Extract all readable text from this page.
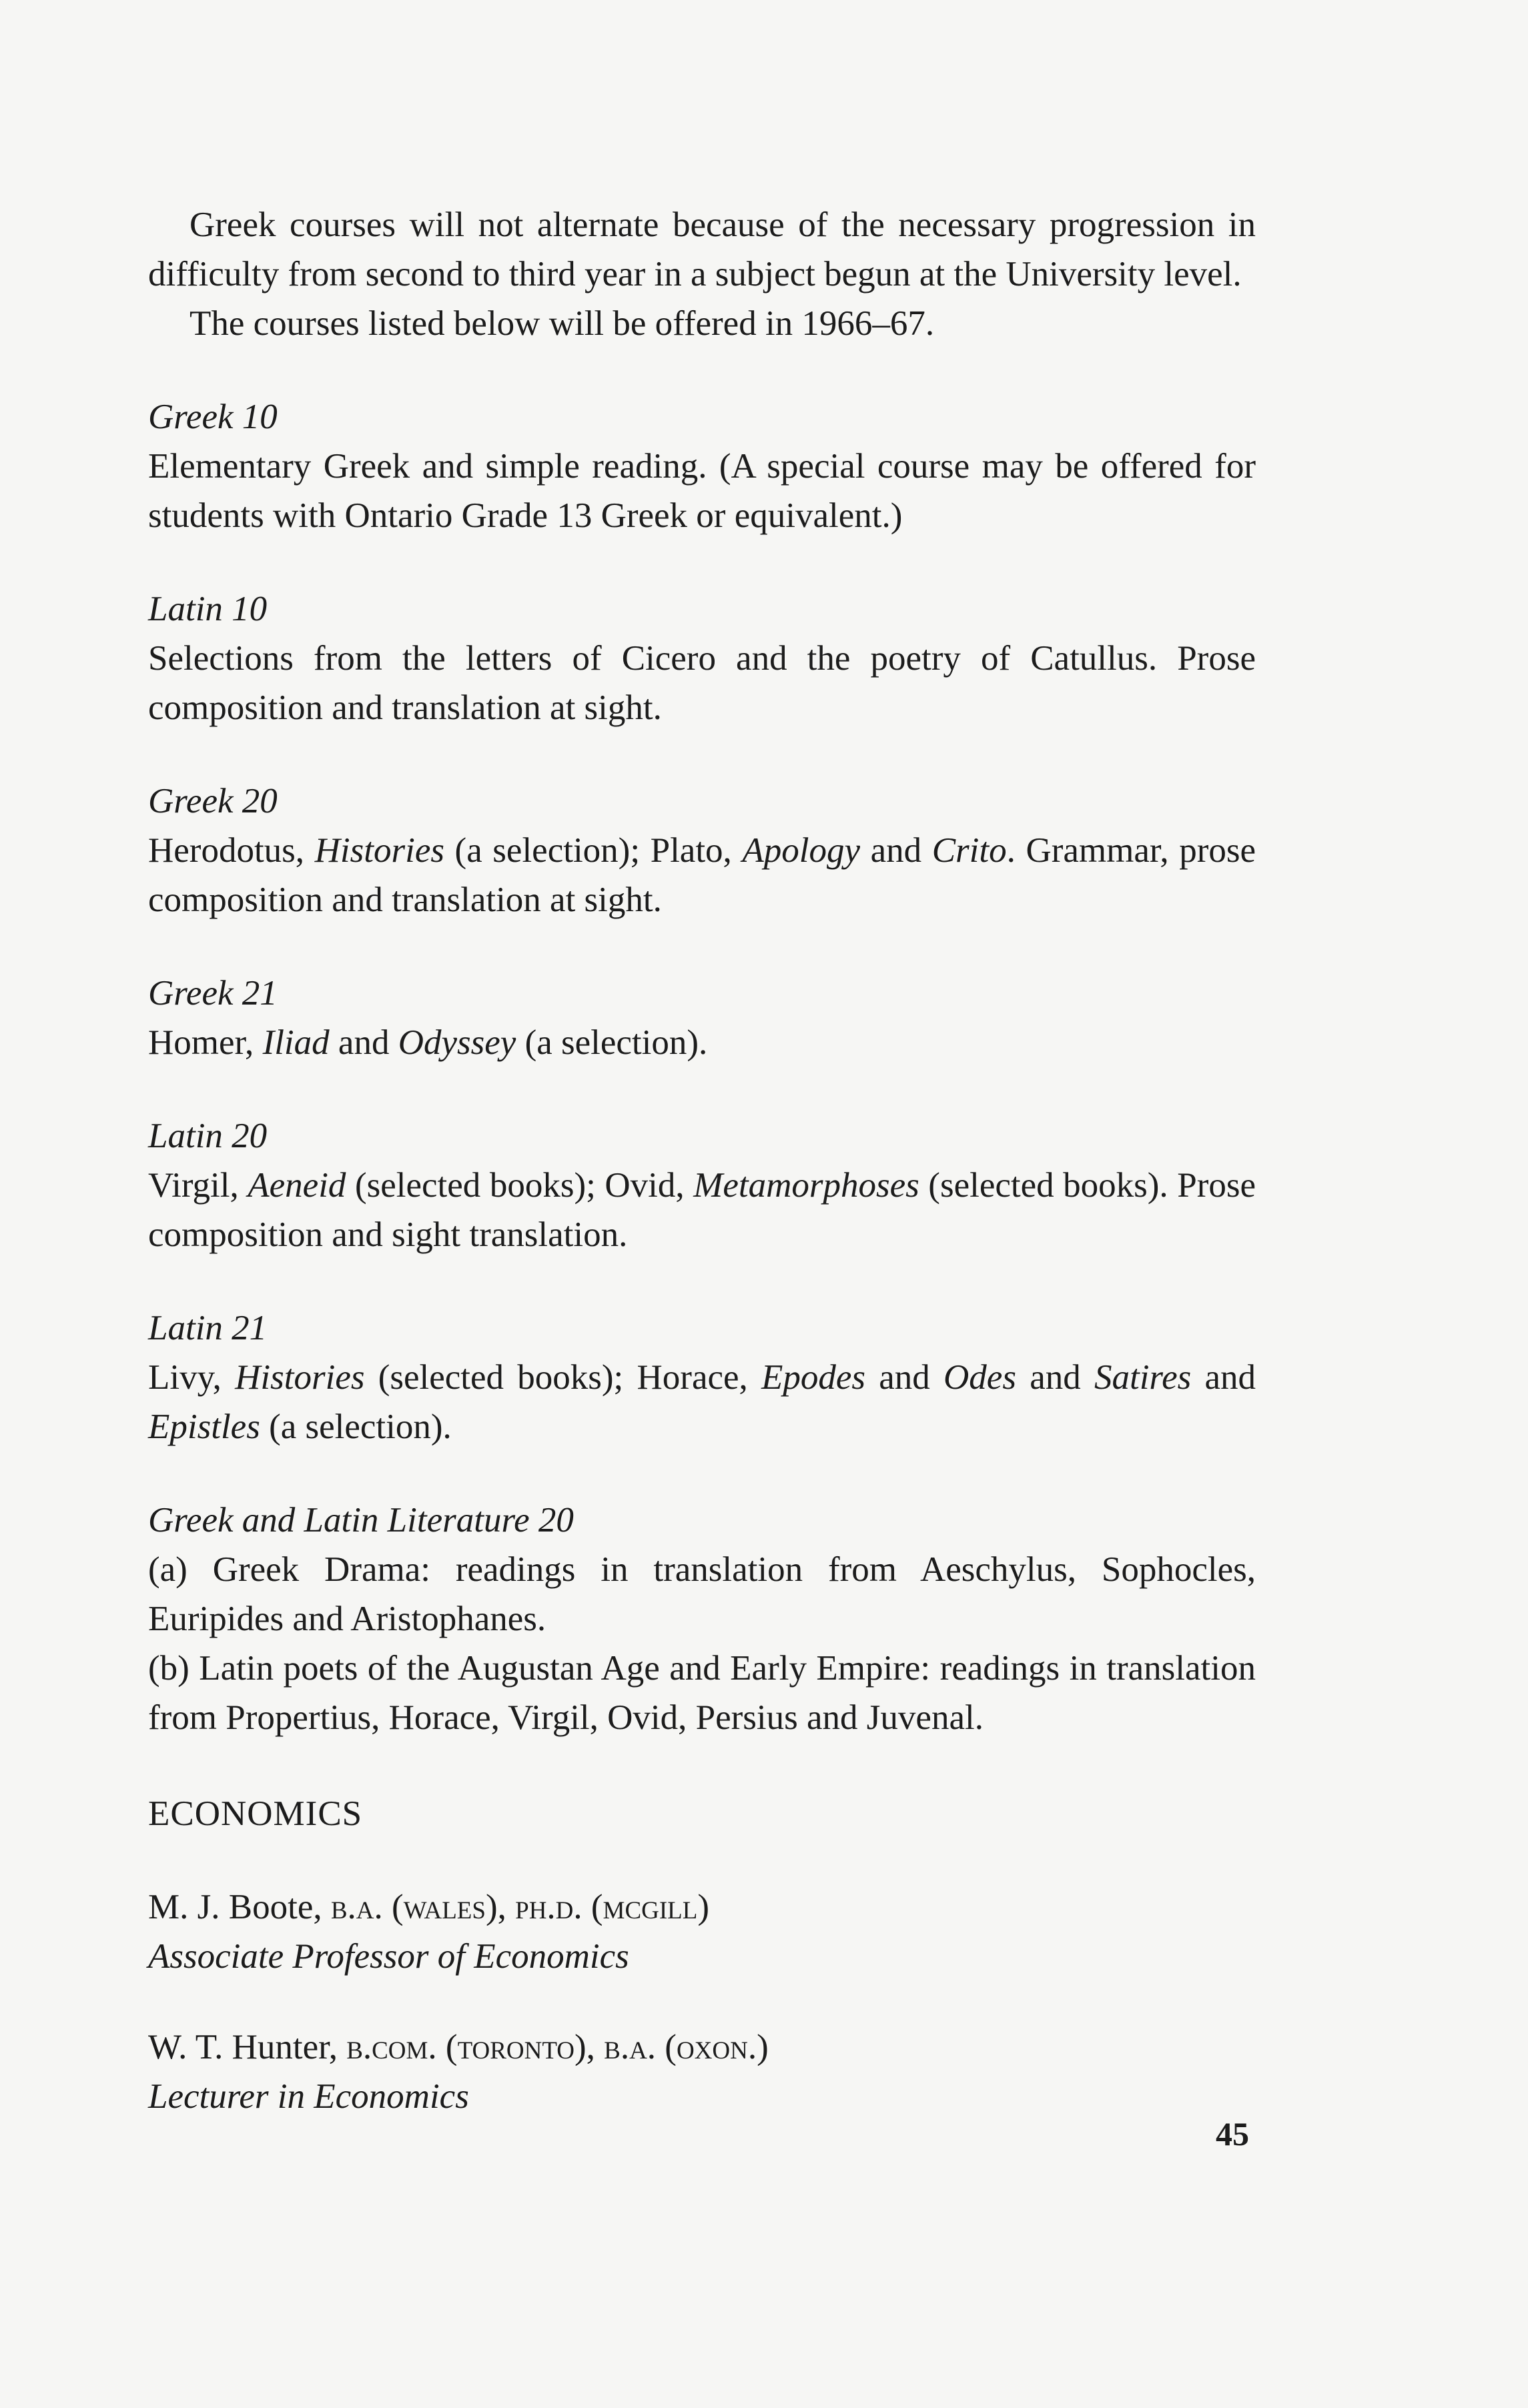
Greek courses will not alternate because of the necessary progression in difficulty from second to third year in a subject begun at the University level.

The courses listed below will be offered in 1966–67.

Greek 10

Elementary Greek and simple reading. (A special course may be offered for students with Ontario Grade 13 Greek or equivalent.)

Latin 10

Selections from the letters of Cicero and the poetry of Catullus. Prose composition and translation at sight.

Greek 20

Herodotus, Histories (a selection); Plato, Apology and Crito. Grammar, prose composition and translation at sight.

Greek 21

Homer, Iliad and Odyssey (a selection).

Latin 20

Virgil, Aeneid (selected books); Ovid, Metamorphoses (selected books). Prose composition and sight translation.

Latin 21

Livy, Histories (selected books); Horace, Epodes and Odes and Satires and Epistles (a selection).

Greek and Latin Literature 20

(a) Greek Drama: readings in translation from Aeschylus, Sophocles, Euripides and Aristophanes.

(b) Latin poets of the Augustan Age and Early Empire: readings in translation from Propertius, Horace, Virgil, Ovid, Persius and Juvenal.

ECONOMICS

M. J. Boote, b.a. (wales), ph.d. (mcgill)

Associate Professor of Economics

W. T. Hunter, b.com. (toronto), b.a. (oxon.)

Lecturer in Economics

45
